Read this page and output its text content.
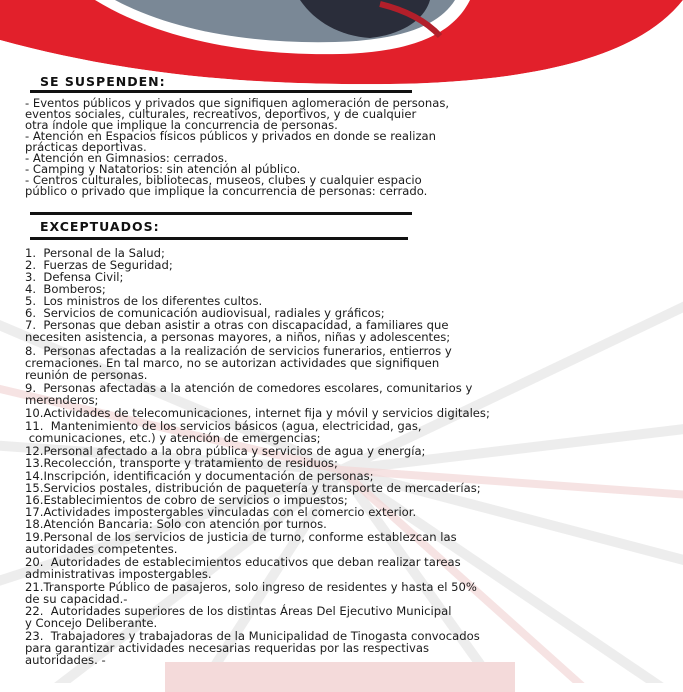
SE SUSPENDEN:
- Eventos públicos y privados que signifiquen aglomeración de personas,
eventos sociales, culturales, recreativos, deportivos, y de cualquier
otra índole que implique la concurrencia de personas.
- Atención en Espacios físicos públicos y privados en donde se realizan
prácticas deportivas.
- Atención en Gimnasios: cerrados.
- Camping y Natatorios: sin atención al público.
- Centros culturales, bibliotecas, museos, clubes y cualquier espacio
público o privado que implique la concurrencia de personas: cerrado.
EXCEPTUADOS:
1.  Personal de la Salud;
2.  Fuerzas de Seguridad;
3.  Defensa Civil;
4.  Bomberos;
5.  Los ministros de los diferentes cultos.
6.  Servicios de comunicación audiovisual, radiales y gráficos;
7.  Personas que deban asistir a otras con discapacidad, a familiares que
necesiten asistencia, a personas mayores, a niños, niñas y adolescentes;
8.  Personas afectadas a la realización de servicios funerarios, entierros y
cremaciones. En tal marco, no se autorizan actividades que signifiquen
reunión de personas.
9.  Personas afectadas a la atención de comedores escolares, comunitarios y
merenderos;
10.Actividades de telecomunicaciones, internet fija y móvil y servicios digitales;
11.  Mantenimiento de los servicios básicos (agua, electricidad, gas,
comunicaciones, etc.) y atención de emergencias;
12.Personal afectado a la obra pública y servicios de agua y energía;
13.Recolección, transporte y tratamiento de residuos;
14.Inscripción, identificación y documentación de personas;
15.Servicios postales, distribución de paquetería y transporte de mercaderías;
16.Establecimientos de cobro de servicios o impuestos;
17.Actividades impostergables vinculadas con el comercio exterior.
18.Atención Bancaria: Solo con atención por turnos.
19.Personal de los servicios de justicia de turno, conforme establezcan las
autoridades competentes.
20.  Autoridades de establecimientos educativos que deban realizar tareas
administrativas impostergables.
21.Transporte Público de pasajeros, solo ingreso de residentes y hasta el 50%
de su capacidad.-
22.  Autoridades superiores de los distintas Áreas Del Ejecutivo Municipal
y Concejo Deliberante.
23.  Trabajadores y trabajadoras de la Municipalidad de Tinogasta convocados
para garantizar actividades necesarias requeridas por las respectivas
autoridades. -
